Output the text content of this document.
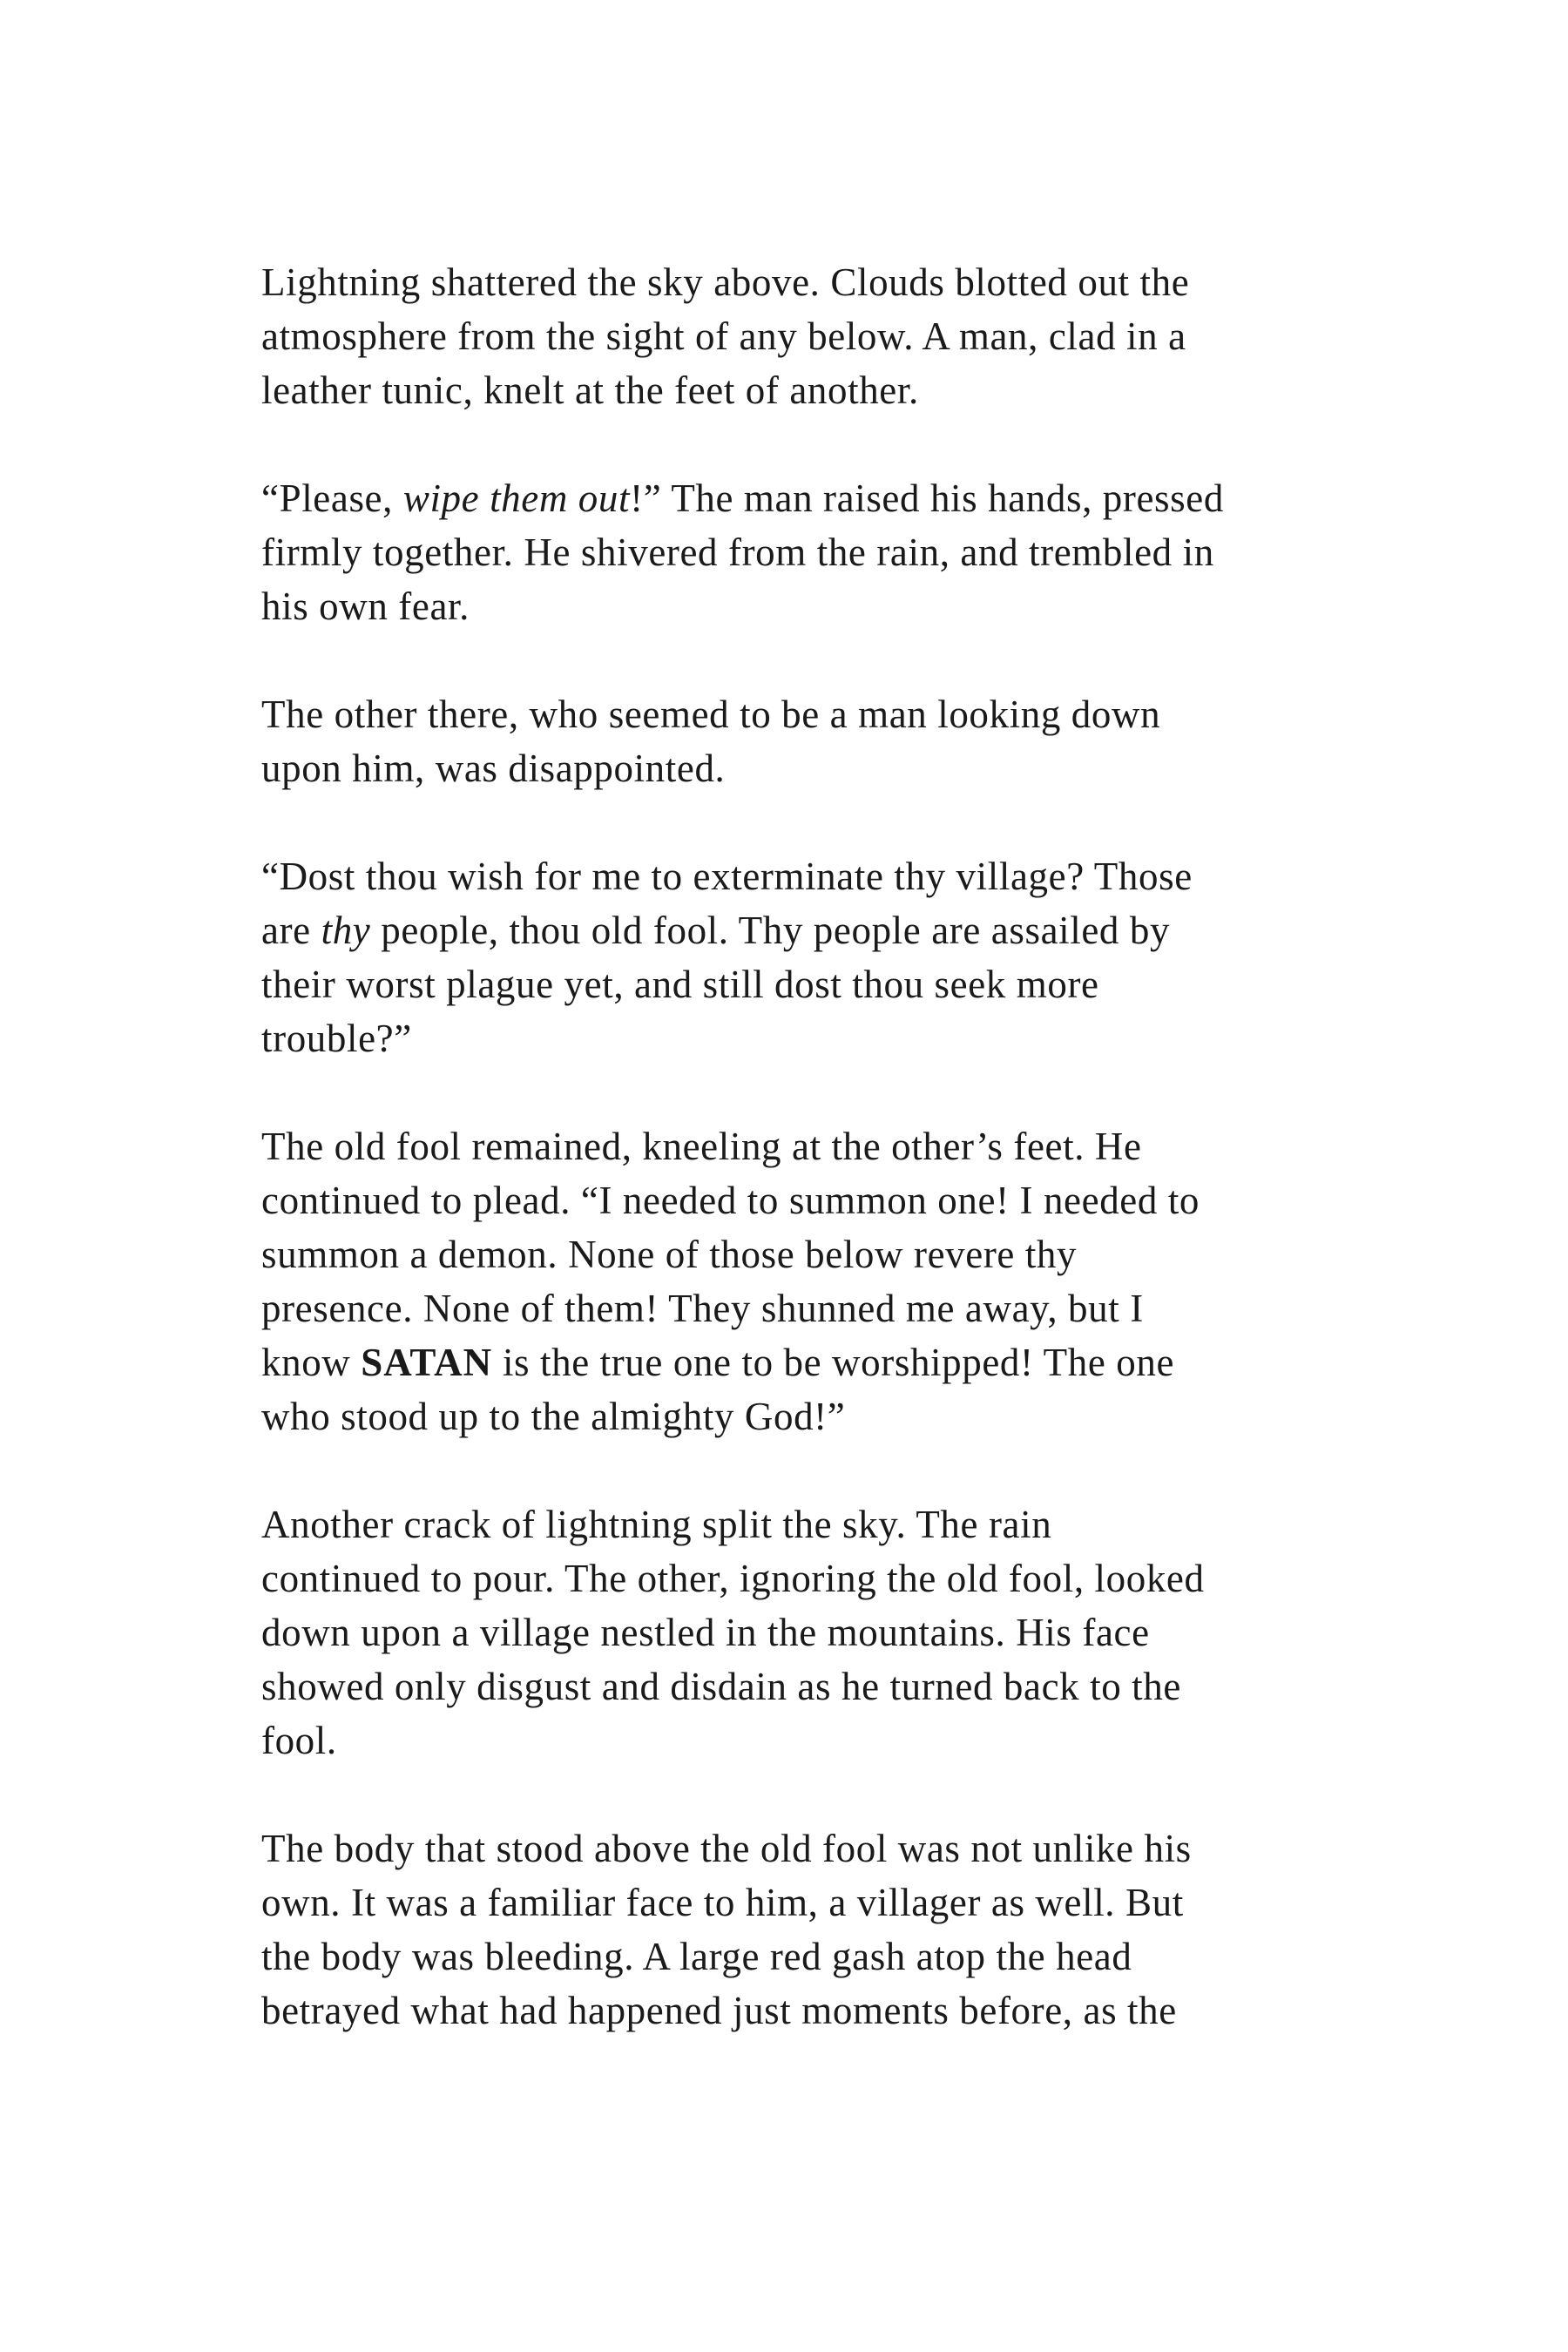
Lightning shattered the sky above. Clouds blotted out the
atmosphere from the sight of any below. A man, clad in a
leather tunic, knelt at the feet of another.

“Please, wipe them out!” The man raised his hands, pressed
firmly together. He shivered from the rain, and trembled in
his own fear.

The other there, who seemed to be a man looking down
upon him, was disappointed.

“Dost thou wish for me to exterminate thy village? Those
are thy people, thou old fool. Thy people are assailed by
their worst plague yet, and still dost thou seek more
trouble?”

The old fool remained, kneeling at the other’s feet. He
continued to plead. “I needed to summon one! I needed to
summon a demon. None of those below revere thy
presence. None of them! They shunned me away, but I
know SATAN is the true one to be worshipped! The one
who stood up to the almighty God!”

Another crack of lightning split the sky. The rain
continued to pour. The other, ignoring the old fool, looked
down upon a village nestled in the mountains. His face
showed only disgust and disdain as he turned back to the
fool.

The body that stood above the old fool was not unlike his
own. It was a familiar face to him, a villager as well. But
the body was bleeding. A large red gash atop the head
betrayed what had happened just moments before, as the
